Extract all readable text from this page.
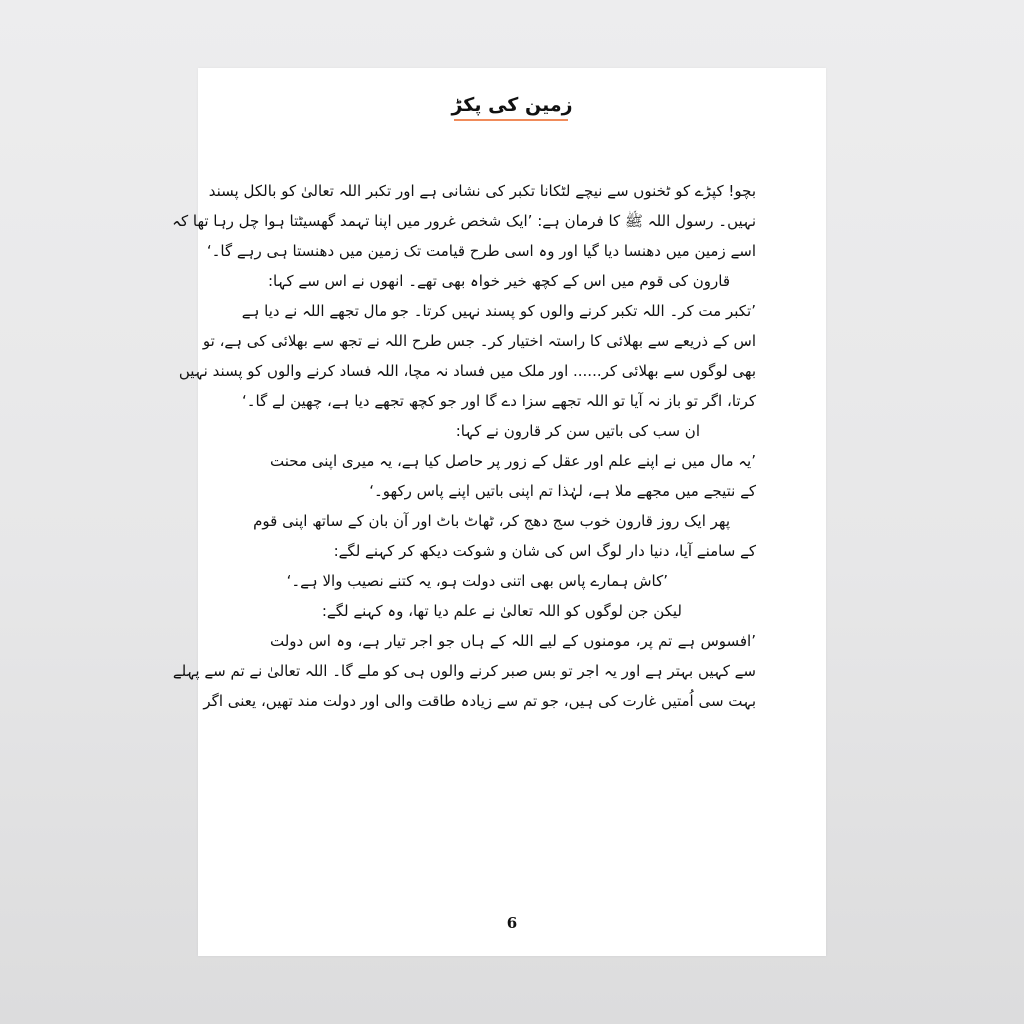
زمین کی پکڑ
بچو! کپڑے کو ٹخنوں سے نیچے لٹکانا تکبر کی نشانی ہے اور تکبر اللہ تعالیٰ کو بالکل پسند
نہیں۔ رسول اللہ ﷺ کا فرمان ہے: ’ایک شخص غرور میں اپنا تہمد گھسیٹتا ہوا چل رہا تھا کہ
اسے زمین میں دھنسا دیا گیا اور وہ اسی طرح قیامت تک زمین میں دھنستا ہی رہے گا۔‘
قارون کی قوم میں اس کے کچھ خیر خواہ بھی تھے۔ انھوں نے اس سے کہا:
’تکبر مت کر۔ اللہ تکبر کرنے والوں کو پسند نہیں کرتا۔ جو مال تجھے اللہ نے دیا ہے
اس کے ذریعے سے بھلائی کا راستہ اختیار کر۔ جس طرح اللہ نے تجھ سے بھلائی کی ہے، تو
بھی لوگوں سے بھلائی کر...... اور ملک میں فساد نہ مچا، اللہ فساد کرنے والوں کو پسند نہیں
کرتا، اگر تو باز نہ آیا تو اللہ تجھے سزا دے گا اور جو کچھ تجھے دیا ہے، چھین لے گا۔‘
ان سب کی باتیں سن کر قارون نے کہا:
’یہ مال میں نے اپنے علم اور عقل کے زور پر حاصل کیا ہے، یہ میری اپنی محنت
کے نتیجے میں مجھے ملا ہے، لہٰذا تم اپنی باتیں اپنے پاس رکھو۔‘
پھر ایک روز قارون خوب سج دھج کر، ٹھاٹ باٹ اور آن بان کے ساتھ اپنی قوم
کے سامنے آیا، دنیا دار لوگ اس کی شان و شوکت دیکھ کر کہنے لگے:
’کاش ہمارے پاس بھی اتنی دولت ہو، یہ کتنے نصیب والا ہے۔‘
لیکن جن لوگوں کو اللہ تعالیٰ نے علم دیا تھا، وہ کہنے لگے:
’افسوس ہے تم پر، مومنوں کے لیے اللہ کے ہاں جو اجر تیار ہے، وہ اس دولت
سے کہیں بہتر ہے اور یہ اجر تو بس صبر کرنے والوں ہی کو ملے گا۔ اللہ تعالیٰ نے تم سے پہلے
بہت سی اُمتیں غارت کی ہیں، جو تم سے زیادہ طاقت والی اور دولت مند تھیں، یعنی اگر
6
